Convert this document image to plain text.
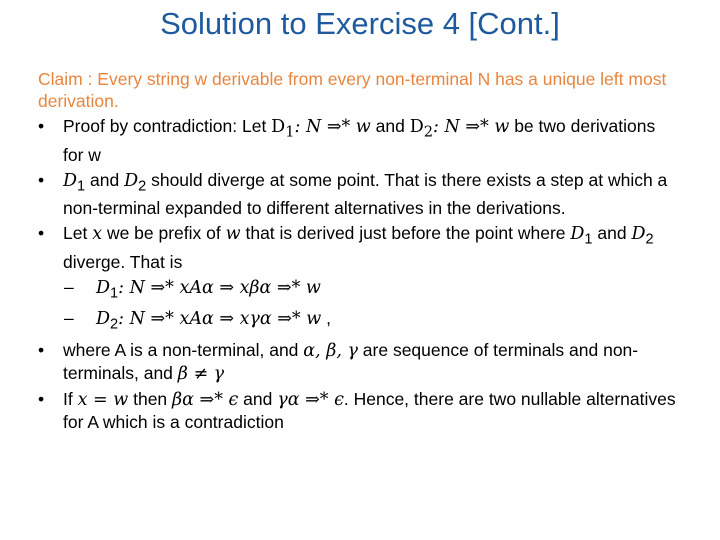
Solution to Exercise 4 [Cont.]
Claim : Every string w derivable from every non-terminal N has a unique left most derivation.
• Proof by contradiction: Let $D_1$: N ⇒* w and $D_2$: N ⇒* w be two derivations for w
• $D_1$ and $D_2$ should diverge at some point. That is there exists a step at which a non-terminal expanded to different alternatives in the derivations.
• Let x we be prefix of w that is derived just before the point where $D_1$ and $D_2$ diverge. That is
– $D_1$: N ⇒* xAα ⇒ xβα ⇒* w
– $D_2$: N ⇒* xAα ⇒ xγα ⇒* w ,
• where A is a non-terminal, and α, β, γ are sequence of terminals and non-terminals, and β ≠ γ
• If x = w then βα ⇒* ϵ and γα ⇒* ϵ. Hence, there are two nullable alternatives for A which is a contradiction
